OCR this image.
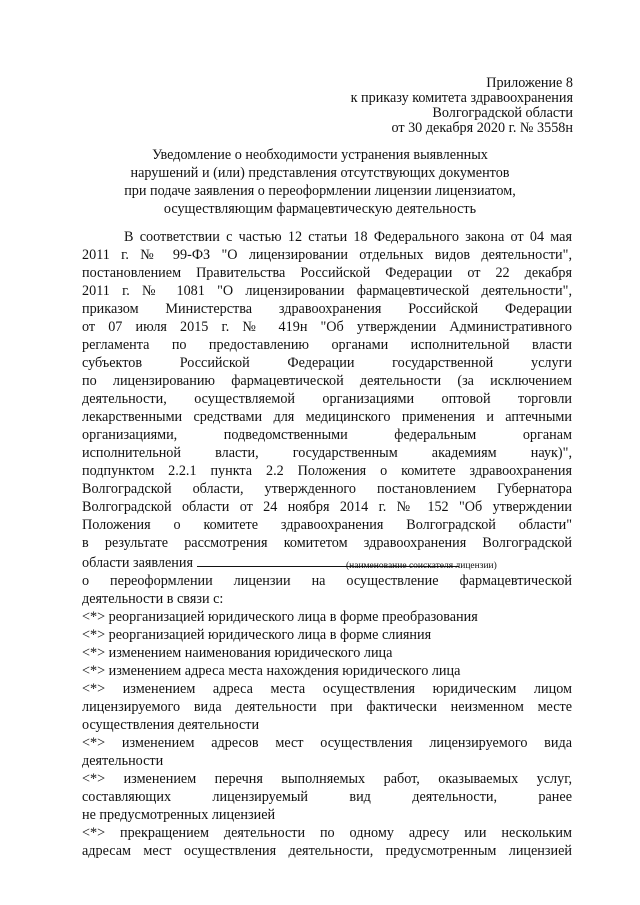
Приложение 8
к приказу комитета здравоохранения
Волгоградской области
от 30 декабря 2020 г. № 3558н
Уведомление о необходимости устранения выявленных
нарушений и (или) представления отсутствующих документов
при подаче заявления о переоформлении лицензии лицензиатом,
осуществляющим фармацевтическую деятельность
В соответствии с частью 12 статьи 18 Федерального закона от 04 мая
2011 г. № 99-ФЗ "О лицензировании отдельных видов деятельности",
постановлением Правительства Российской Федерации от 22 декабря
2011 г. № 1081 "О лицензировании фармацевтической деятельности",
приказом Министерства здравоохранения Российской Федерации
от 07 июля 2015 г. № 419н "Об утверждении Административного
регламента по предоставлению органами исполнительной власти
субъектов Российской Федерации государственной услуги
по лицензированию фармацевтической деятельности (за исключением
деятельности, осуществляемой организациями оптовой торговли
лекарственными средствами для медицинского применения и аптечными
организациями, подведомственными федеральным органам
исполнительной власти, государственным академиям наук)",
подпунктом 2.2.1 пункта 2.2 Положения о комитете здравоохранения
Волгоградской области, утвержденного постановлением Губернатора
Волгоградской области от 24 ноября 2014 г. № 152 "Об утверждении
Положения о комитете здравоохранения Волгоградской области"
в результате рассмотрения комитетом здравоохранения Волгоградской
области заявления	(наименование соискателя лицензии)
о переоформлении лицензии на осуществление фармацевтической
деятельности в связи с:
<*> реорганизацией юридического лица в форме преобразования
<*> реорганизацией юридического лица в форме слияния
<*> изменением наименования юридического лица
<*> изменением адреса места нахождения юридического лица
<*> изменением адреса места осуществления юридическим лицом
лицензируемого вида деятельности при фактически неизменном месте
осуществления деятельности
<*> изменением адресов мест осуществления лицензируемого вида
деятельности
<*> изменением перечня выполняемых работ, оказываемых услуг,
составляющих лицензируемый вид деятельности, ранее
не предусмотренных лицензией
<*> прекращением деятельности по одному адресу или нескольким
адресам мест осуществления деятельности, предусмотренным лицензией
